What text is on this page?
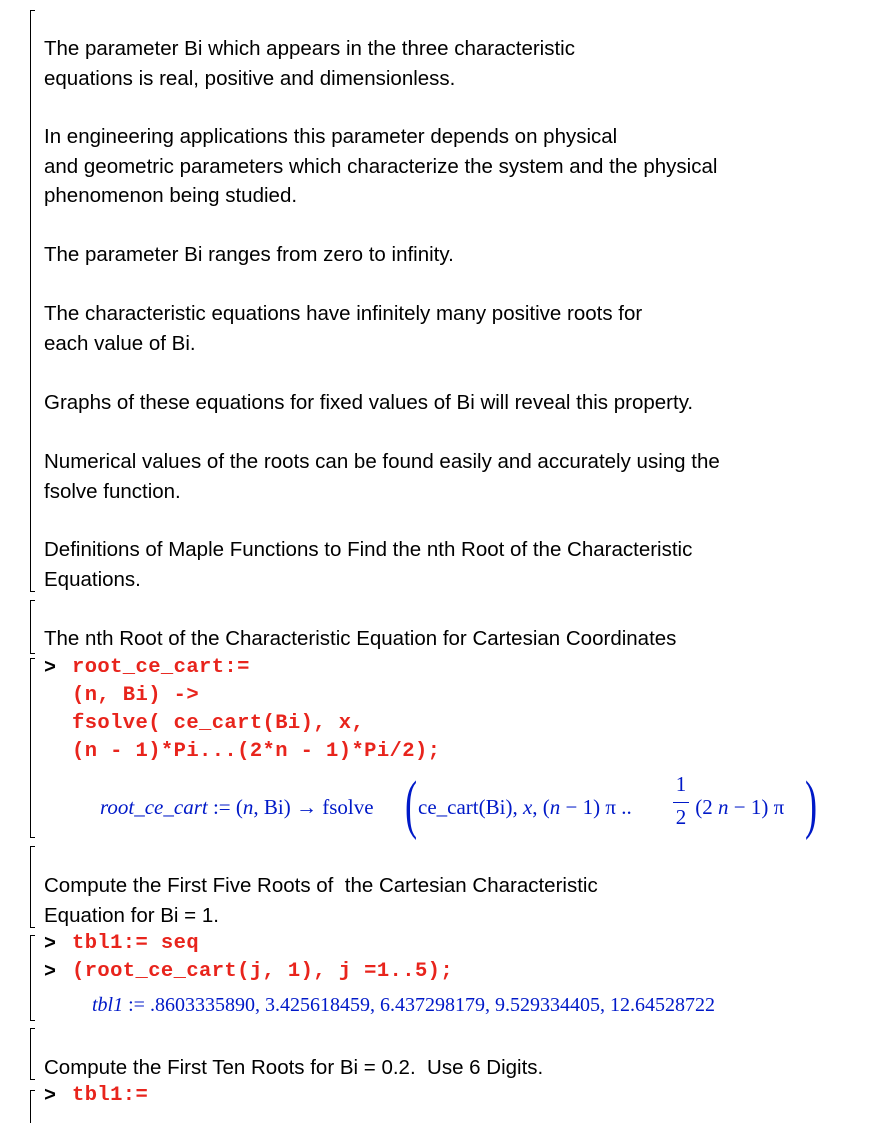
The parameter Bi which appears in the three characteristic
equations is real, positive and dimensionless.
In engineering applications this parameter depends on physical
and geometric parameters which characterize the system and the physical
phenomenon being studied.
The parameter Bi ranges from zero to infinity.
The characteristic equations have infinitely many positive roots for
each value of Bi.
Graphs of these equations for fixed values of Bi will reveal this property.
Numerical values of the roots can be found easily and accurately using the
fsolve function.
Definitions of Maple Functions to Find the nth Root of the Characteristic
Equations.
The nth Root of the Characteristic Equation for Cartesian Coordinates
> root_ce_cart:=
(n, Bi) ->
fsolve( ce_cart(Bi), x,
(n - 1)*Pi...(2*n - 1)*Pi/2);
root_ce_cart := (n, Bi) → fsolve ( ce_cart(Bi), x, (n − 1) π ..
1
2 (2 n − 1) π )
Compute the First Five Roots of  the Cartesian Characteristic
Equation for Bi = 1.
> tbl1:= seq
> (root_ce_cart(j, 1), j =1..5);
tbl1 := .8603335890, 3.425618459, 6.437298179, 9.529334405, 12.64528722
Compute the First Ten Roots for Bi = 0.2.  Use 6 Digits.
> tbl1:=
